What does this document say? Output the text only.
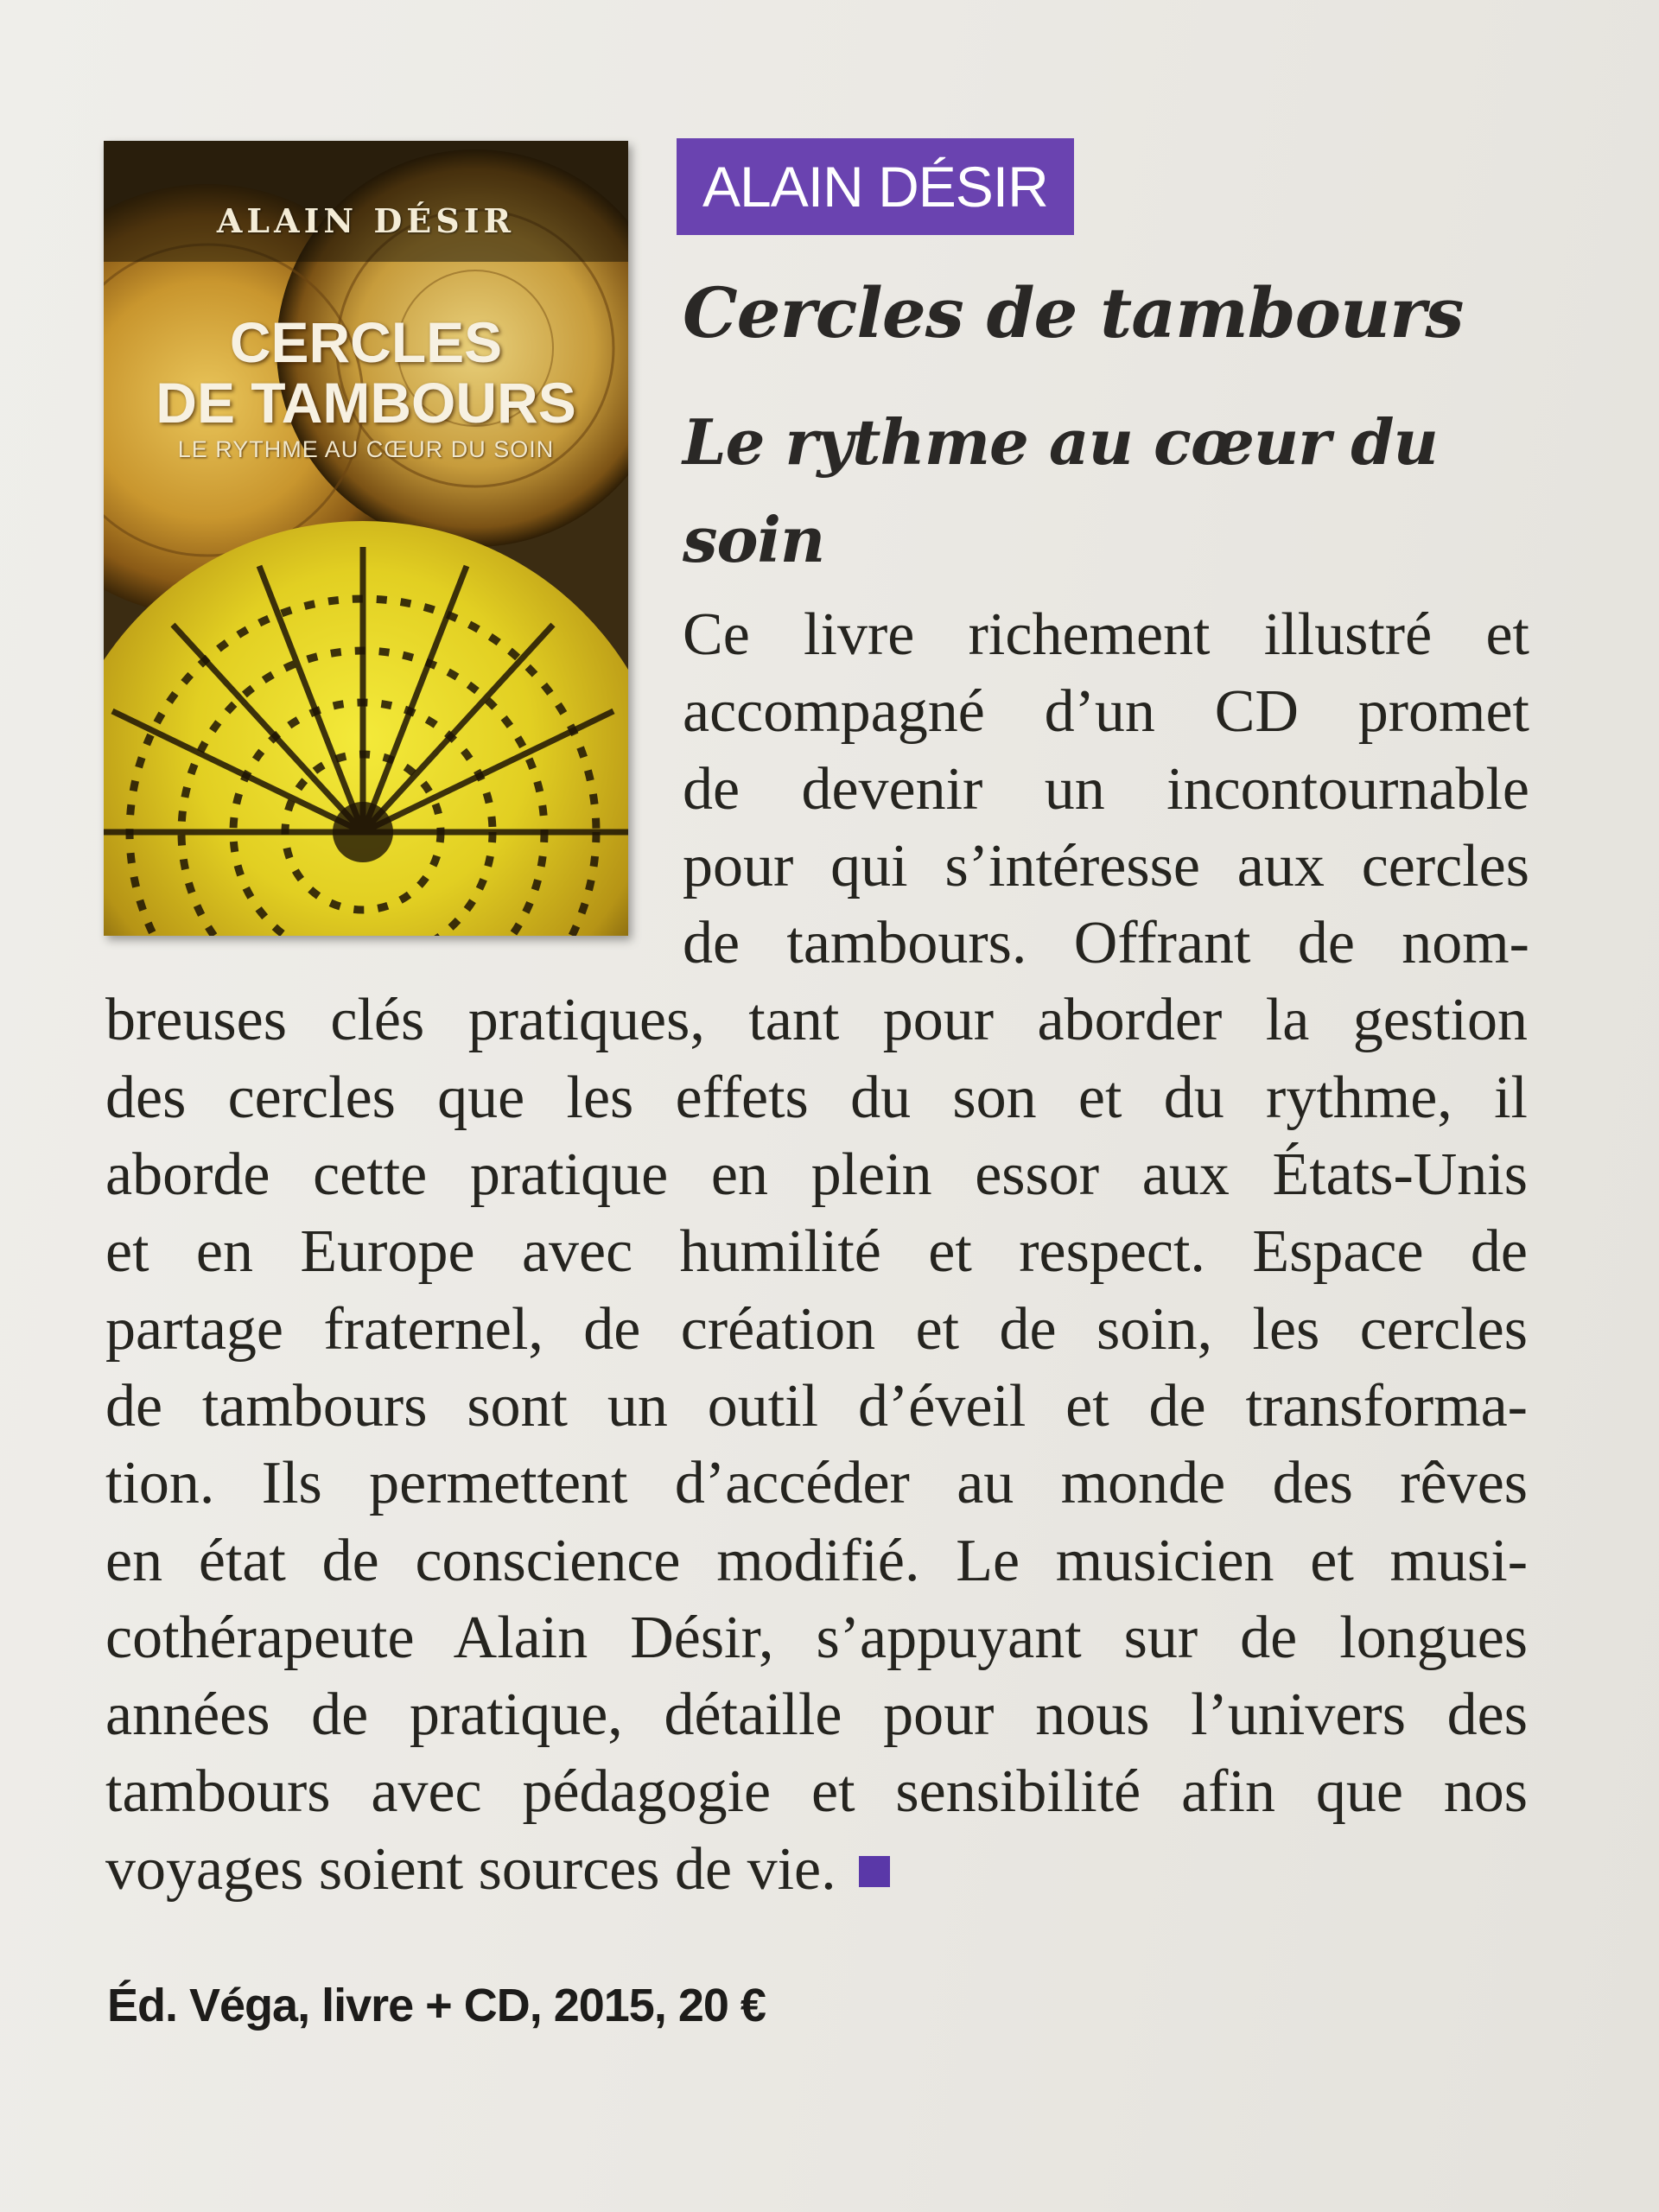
ALAIN DÉSIR
CERCLES
DE TAMBOURS
LE RYTHME AU CŒUR DU SOIN
ALAIN DÉSIR
Cercles de tambours
Le rythme au cœur du soin

Ce livre richement illustré et
accompagné d’un CD promet
de devenir un incontournable
pour qui s’intéresse aux cercles
de tambours. Offrant de nom-
breuses clés pratiques, tant pour aborder la gestion
des cercles que les effets du son et du rythme, il
aborde cette pratique en plein essor aux États-Unis
et en Europe avec humilité et respect. Espace de
partage fraternel, de création et de soin, les cercles
de tambours sont un outil d’éveil et de transforma-
tion. Ils permettent d’accéder au monde des rêves
en état de conscience modifié. Le musicien et musi-
cothérapeute Alain Désir, s’appuyant sur de longues
années de pratique, détaille pour nous l’univers des
tambours avec pédagogie et sensibilité afin que nos
voyages soient sources de vie.

Éd. Véga, livre + CD, 2015, 20 €
